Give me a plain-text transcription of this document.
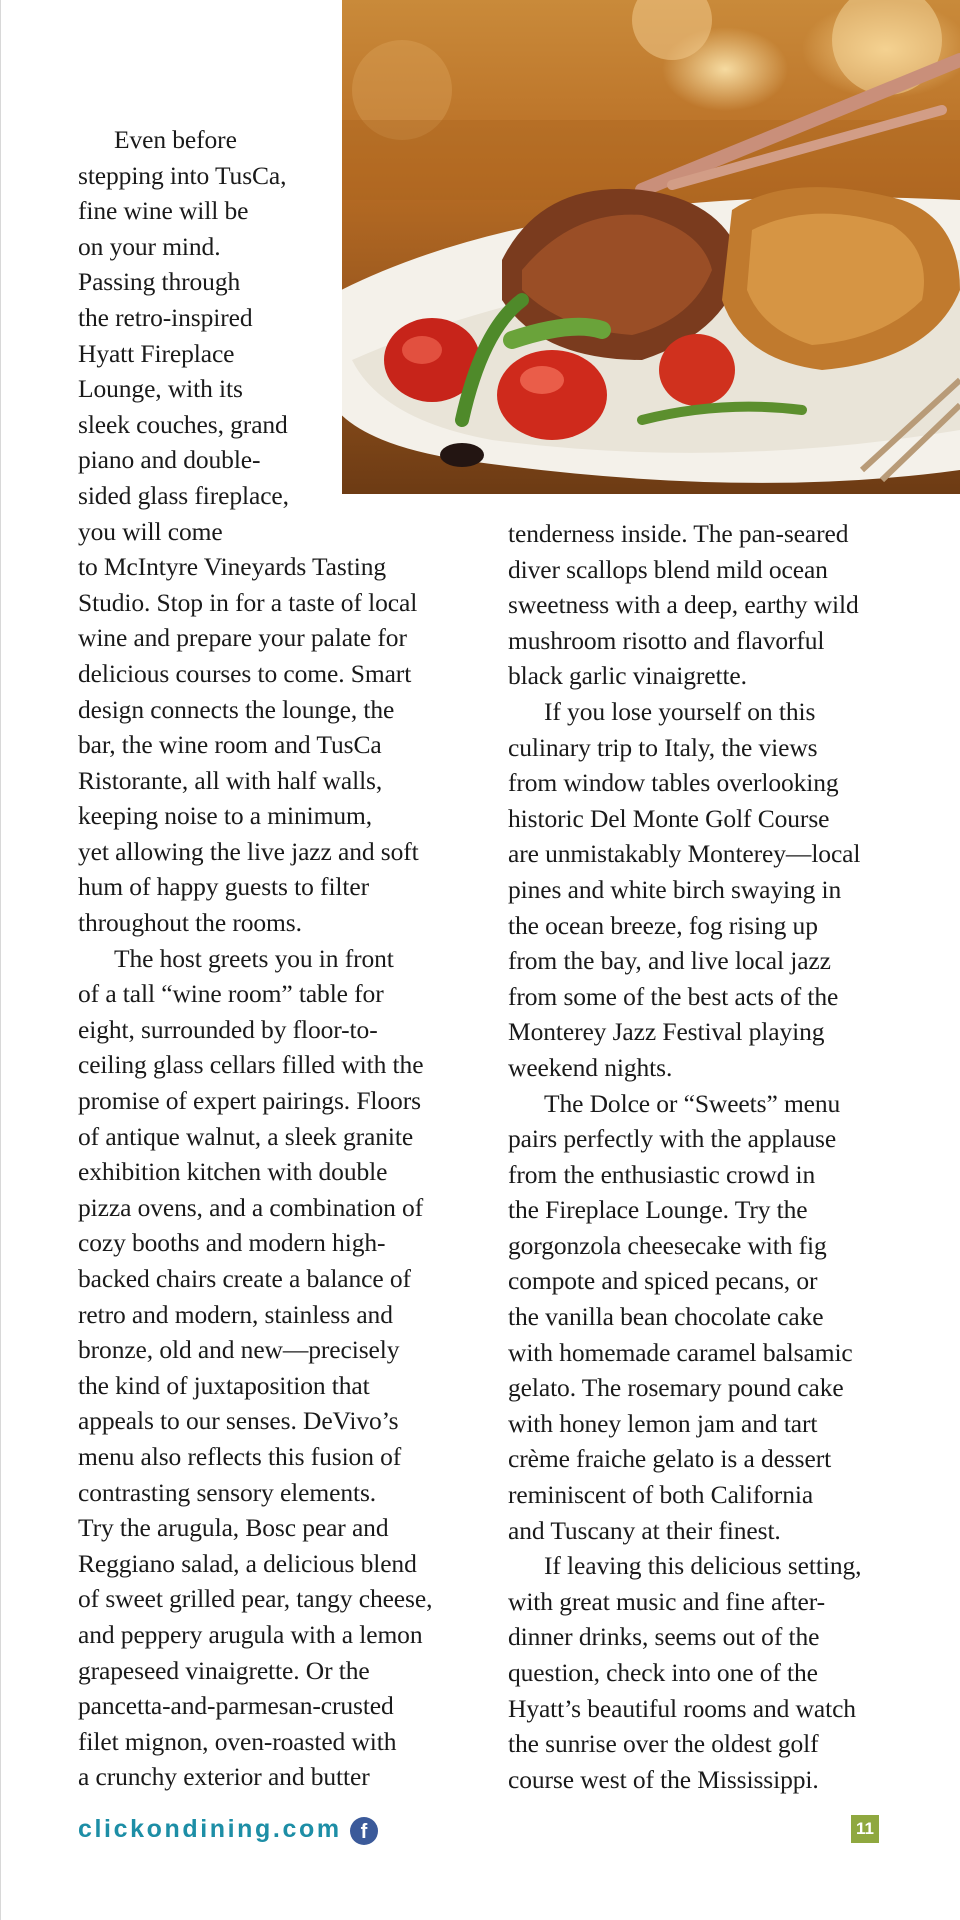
Even before
stepping into TusCa,
fine wine will be
on your mind.
Passing through
the retro-inspired
Hyatt Fireplace
Lounge, with its
sleek couches, grand
piano and double-
sided glass fireplace,
you will come
to McIntyre Vineyards Tasting
Studio. Stop in for a taste of local
wine and prepare your palate for
delicious courses to come. Smart
design connects the lounge, the
bar, the wine room and TusCa
Ristorante, all with half walls,
keeping noise to a minimum,
yet allowing the live jazz and soft
hum of happy guests to filter
throughout the rooms.
The host greets you in front
of a tall “wine room” table for
eight, surrounded by floor-to-
ceiling glass cellars filled with the
promise of expert pairings. Floors
of antique walnut, a sleek granite
exhibition kitchen with double
pizza ovens, and a combination of
cozy booths and modern high-
backed chairs create a balance of
retro and modern, stainless and
bronze, old and new—precisely
the kind of juxtaposition that
appeals to our senses. DeVivo’s
menu also reflects this fusion of
contrasting sensory elements.
Try the arugula, Bosc pear and
Reggiano salad, a delicious blend
of sweet grilled pear, tangy cheese,
and peppery arugula with a lemon
grapeseed vinaigrette. Or the
pancetta-and-parmesan-crusted
filet mignon, oven-roasted with
a crunchy exterior and butter
tenderness inside. The pan-seared
diver scallops blend mild ocean
sweetness with a deep, earthy wild
mushroom risotto and flavorful
black garlic vinaigrette.
If you lose yourself on this
culinary trip to Italy, the views
from window tables overlooking
historic Del Monte Golf Course
are unmistakably Monterey—local
pines and white birch swaying in
the ocean breeze, fog rising up
from the bay, and live local jazz
from some of the best acts of the
Monterey Jazz Festival playing
weekend nights.
The Dolce or “Sweets” menu
pairs perfectly with the applause
from the enthusiastic crowd in
the Fireplace Lounge. Try the
gorgonzola cheesecake with fig
compote and spiced pecans, or
the vanilla bean chocolate cake
with homemade caramel balsamic
gelato. The rosemary pound cake
with honey lemon jam and tart
crème fraiche gelato is a dessert
reminiscent of both California
and Tuscany at their finest.
If leaving this delicious setting,
with great music and fine after-
dinner drinks, seems out of the
question, check into one of the
Hyatt’s beautiful rooms and watch
the sunrise over the oldest golf
course west of the Mississippi.
clickondining.com f	11
